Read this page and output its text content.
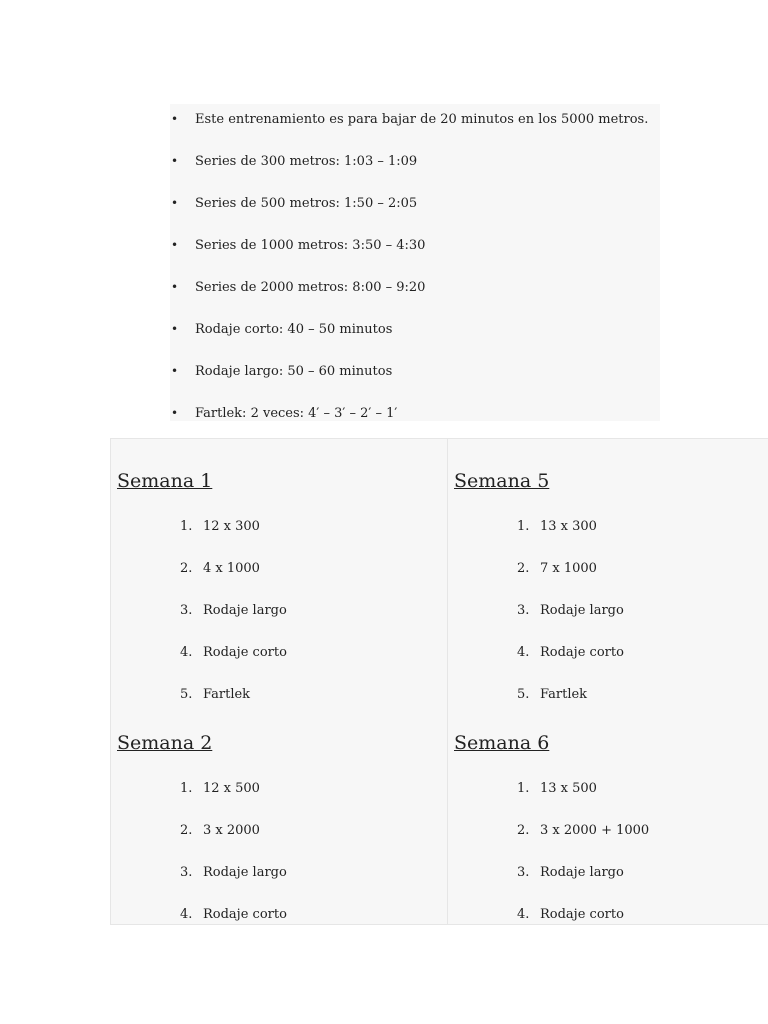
• Este entrenamiento es para bajar de 20 minutos en los 5000 metros.
• Series de 300 metros: 1:03 – 1:09
• Series de 500 metros: 1:50 – 2:05
• Series de 1000 metros: 3:50 – 4:30
• Series de 2000 metros: 8:00 – 9:20
• Rodaje corto: 40 – 50 minutos
• Rodaje largo: 50 – 60 minutos
• Fartlek: 2 veces: 4′ – 3′ – 2′ – 1′
Semana 1
1. 12 x 300
2. 4 x 1000
3. Rodaje largo
4. Rodaje corto
5. Fartlek
Semana 2
1. 12 x 500
2. 3 x 2000
3. Rodaje largo
4. Rodaje corto
Semana 5
1. 13 x 300
2. 7 x 1000
3. Rodaje largo
4. Rodaje corto
5. Fartlek
Semana 6
1. 13 x 500
2. 3 x 2000 + 1000
3. Rodaje largo
4. Rodaje corto
